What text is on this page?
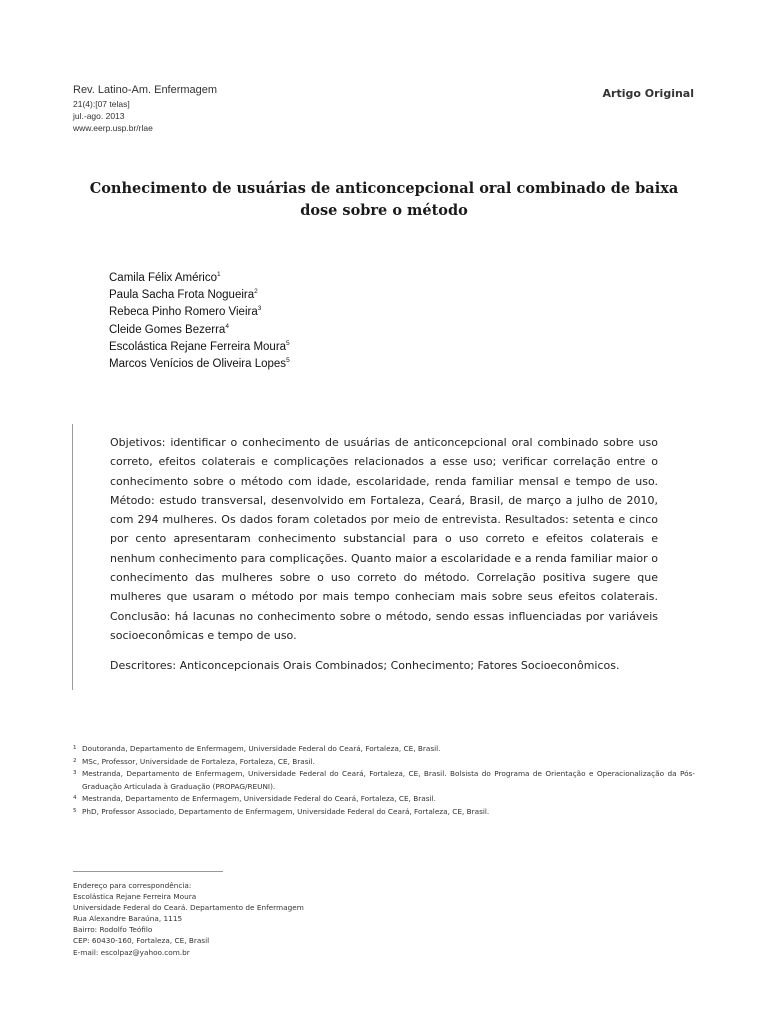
Rev. Latino-Am. Enfermagem
21(4):[07 telas]
jul.-ago. 2013
www.eerp.usp.br/rlae
Artigo Original
Conhecimento de usuárias de anticoncepcional oral combinado de baixa dose sobre o método
Camila Félix Américo$^1$
Paula Sacha Frota Nogueira$^2$
Rebeca Pinho Romero Vieira$^3$
Cleide Gomes Bezerra$^4$
Escolástica Rejane Ferreira Moura$^5$
Marcos Venícios de Oliveira Lopes$^5$
Objetivos: identificar o conhecimento de usuárias de anticoncepcional oral combinado sobre uso correto, efeitos colaterais e complicações relacionados a esse uso; verificar correlação entre o conhecimento sobre o método com idade, escolaridade, renda familiar mensal e tempo de uso. Método: estudo transversal, desenvolvido em Fortaleza, Ceará, Brasil, de março a julho de 2010, com 294 mulheres. Os dados foram coletados por meio de entrevista. Resultados: setenta e cinco por cento apresentaram conhecimento substancial para o uso correto e efeitos colaterais e nenhum conhecimento para complicações. Quanto maior a escolaridade e a renda familiar maior o conhecimento das mulheres sobre o uso correto do método. Correlação positiva sugere que mulheres que usaram o método por mais tempo conheciam mais sobre seus efeitos colaterais. Conclusão: há lacunas no conhecimento sobre o método, sendo essas influenciadas por variáveis socioeconômicas e tempo de uso.
Descritores: Anticoncepcionais Orais Combinados; Conhecimento; Fatores Socioeconômicos.
1 Doutoranda, Departamento de Enfermagem, Universidade Federal do Ceará, Fortaleza, CE, Brasil.
2 MSc, Professor, Universidade de Fortaleza, Fortaleza, CE, Brasil.
3 Mestranda, Departamento de Enfermagem, Universidade Federal do Ceará, Fortaleza, CE, Brasil. Bolsista do Programa de Orientação e Operacionalização da Pós-Graduação Articulada à Graduação (PROPAG/REUNI).
4 Mestranda, Departamento de Enfermagem, Universidade Federal do Ceará, Fortaleza, CE, Brasil.
5 PhD, Professor Associado, Departamento de Enfermagem, Universidade Federal do Ceará, Fortaleza, CE, Brasil.
Endereço para correspondência:
Escolástica Rejane Ferreira Moura
Universidade Federal do Ceará. Departamento de Enfermagem
Rua Alexandre Baraúna, 1115
Bairro: Rodolfo Teófilo
CEP: 60430-160, Fortaleza, CE, Brasil
E-mail: escolpaz@yahoo.com.br
